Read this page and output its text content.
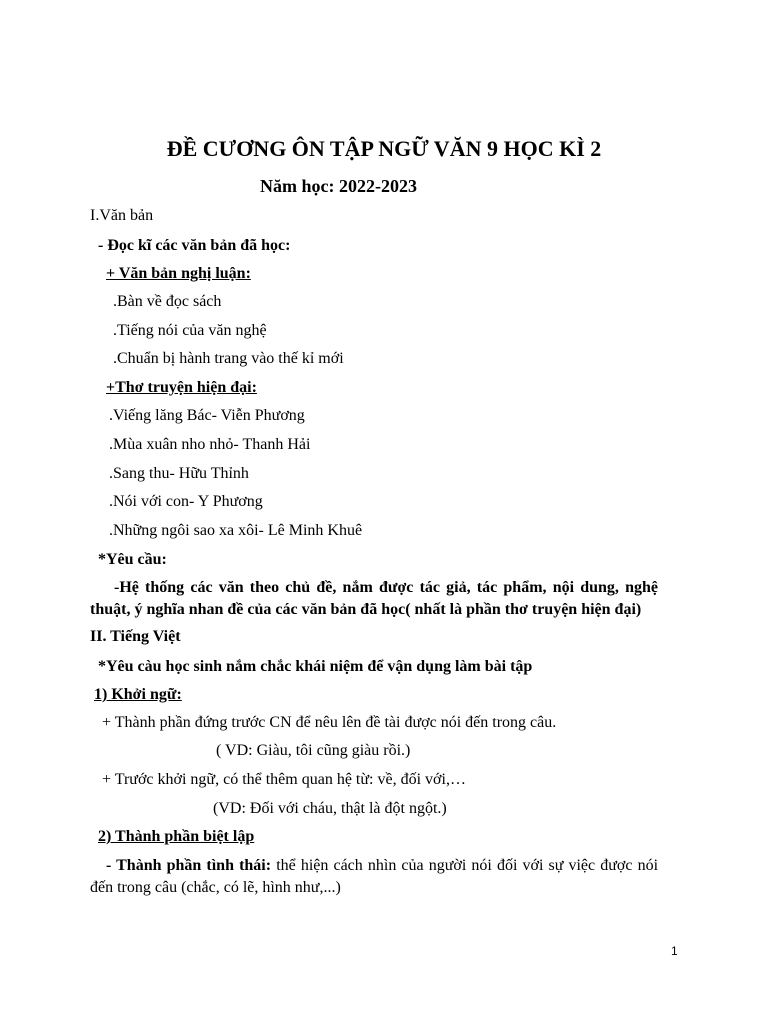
ĐỀ CƯƠNG ÔN TẬP NGỮ VĂN 9 HỌC KÌ 2
Năm học: 2022-2023
I.Văn bản
- Đọc kĩ các văn bản đã học:
+ Văn bản nghị luận:
.Bàn về đọc sách
.Tiếng nói của văn nghệ
.Chuẩn bị hành trang vào thế kỉ mới
+Thơ truyện hiện đại:
.Viếng lăng Bác- Viễn Phương
.Mùa xuân nho nhỏ- Thanh Hải
.Sang thu- Hữu Thỉnh
.Nói với con- Y Phương
.Những ngôi sao xa xôi- Lê Minh Khuê
*Yêu cầu:
-Hệ thống các văn theo chủ đề, nắm được tác giả, tác phẩm, nội dung, nghệ thuật, ý nghĩa nhan đề của các văn bản đã học( nhất là phần thơ truyện hiện đại)
II. Tiếng Việt
*Yêu càu học sinh nắm chắc khái niệm để vận dụng làm bài tập
1) Khởi ngữ:
+ Thành phần đứng trước CN để nêu lên đề tài được nói đến trong câu.
( VD: Giàu, tôi cũng giàu rồi.)
+ Trước khởi ngữ, có thể thêm quan hệ từ: về, đối với,…
(VD: Đối với cháu, thật là đột ngột.)
2) Thành phần biệt lập
- Thành phần tình thái: thể hiện cách nhìn của người nói đối với sự việc được nói đến trong câu (chắc, có lẽ, hình như,...)
1
